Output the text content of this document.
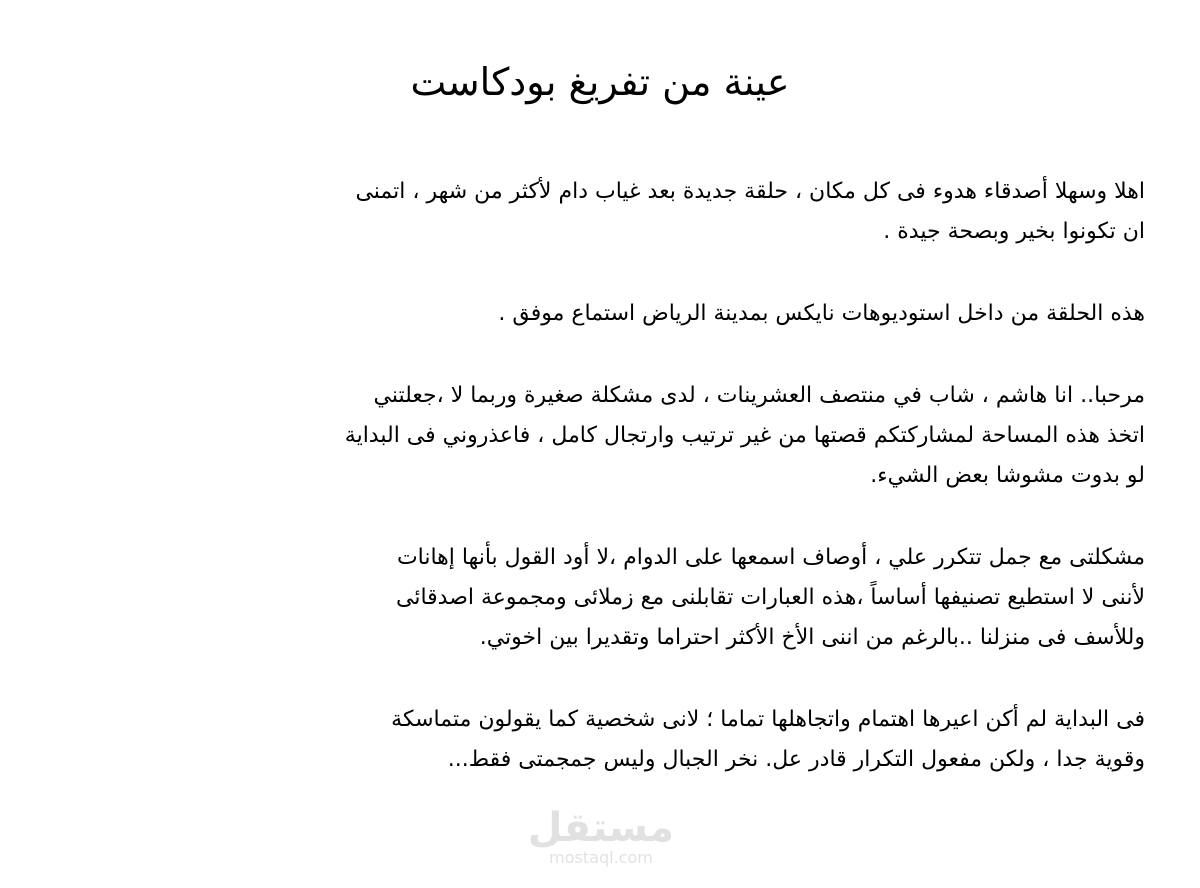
عينة من تفريغ بودكاست

اهلا وسهلا أصدقاء هدوء فى كل مكان ، حلقة جديدة بعد غياب دام لأكثر من شهر ، اتمنى
ان تكونوا بخير وبصحة جيدة .

هذه الحلقة من داخل استوديوهات نايكس بمدينة الرياض استماع موفق .

مرحبا.. انا هاشم ، شاب في منتصف العشرينات ، لدى مشكلة صغيرة وربما لا ،جعلتني
اتخذ هذه المساحة لمشاركتكم قصتها من غير ترتيب وارتجال كامل ، فاعذروني فى البداية
لو بدوت مشوشا بعض الشيء.

مشكلتى مع جمل تتكرر علي ، أوصاف اسمعها على الدوام ،لا أود القول بأنها إهانات
لأننى لا استطيع تصنيفها أساساً ،هذه العبارات تقابلنى مع زملائى ومجموعة اصدقائى
وللأسف فى منزلنا ..بالرغم من اننى الأخ الأكثر احتراما وتقديرا بين اخوتي.

فى البداية لم أكن اعيرها اهتمام واتجاهلها تماما ؛ لانى شخصية كما يقولون متماسكة
وقوية جدا ، ولكن مفعول التكرار قادر عل. نخر الجبال وليس جمجمتى فقط...

مستقل
mostaql.com
